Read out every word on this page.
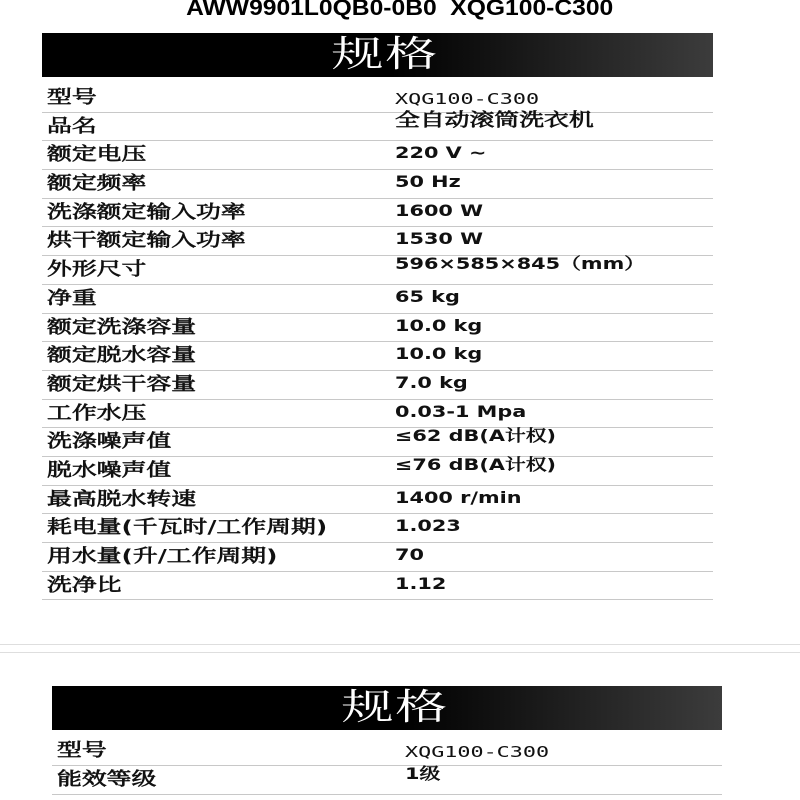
AWW9901L0QB0-0B0 XQG100-C300
规格
型号	XQG100-C300
品名	全自动滚筒洗衣机
额定电压	220 V ~
额定频率	50 Hz
洗涤额定输入功率	1600 W
烘干额定输入功率	1530 W
外形尺寸	596×585×845（mm）
净重	65 kg
额定洗涤容量	10.0 kg
额定脱水容量	10.0 kg
额定烘干容量	7.0 kg
工作水压	0.03-1 Mpa
洗涤噪声值	≤62 dB(A计权)
脱水噪声值	≤76 dB(A计权)
最高脱水转速	1400 r/min
耗电量(千瓦时/工作周期)	1.023
用水量(升/工作周期)	70
洗净比	1.12
规格
型号	XQG100-C300
能效等级	1级
